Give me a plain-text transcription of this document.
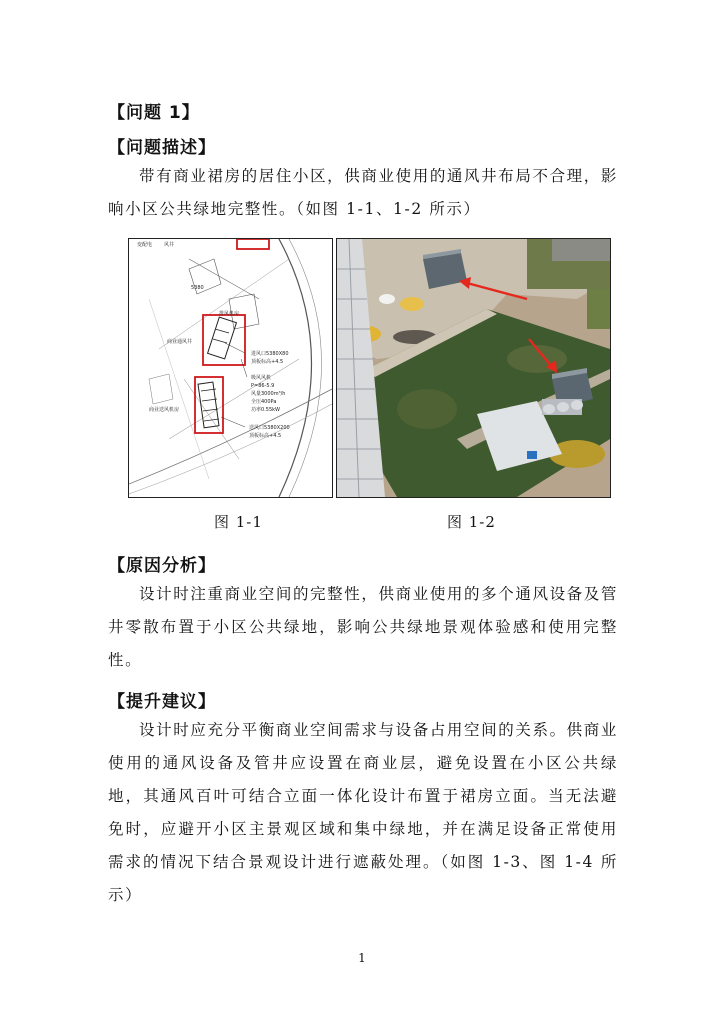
【问题 1】
【问题描述】

带有商业裙房的居住小区，供商业使用的通风井布局不合理，影响小区公共绿地完整性。（如图 1-1、1-2 所示）

变配电 风井
5380
商业通风井
排风机房
进风口5380X80
顶板标高+4.5
吸风风机
P=86-5.9
风量3000m³/h
全压400Pa
功率0.55kW
商业送风机房
送风口5380X200
顶板标高+4.5
图 1-1	图 1-2
【原因分析】

设计时注重商业空间的完整性，供商业使用的多个通风设备及管井零散布置于小区公共绿地，影响公共绿地景观体验感和使用完整性。

【提升建议】

设计时应充分平衡商业空间需求与设备占用空间的关系。供商业使用的通风设备及管井应设置在商业层，避免设置在小区公共绿地，其通风百叶可结合立面一体化设计布置于裙房立面。当无法避免时，应避开小区主景观区域和集中绿地，并在满足设备正常使用需求的情况下结合景观设计进行遮蔽处理。（如图 1-3、图 1-4 所示）

1
